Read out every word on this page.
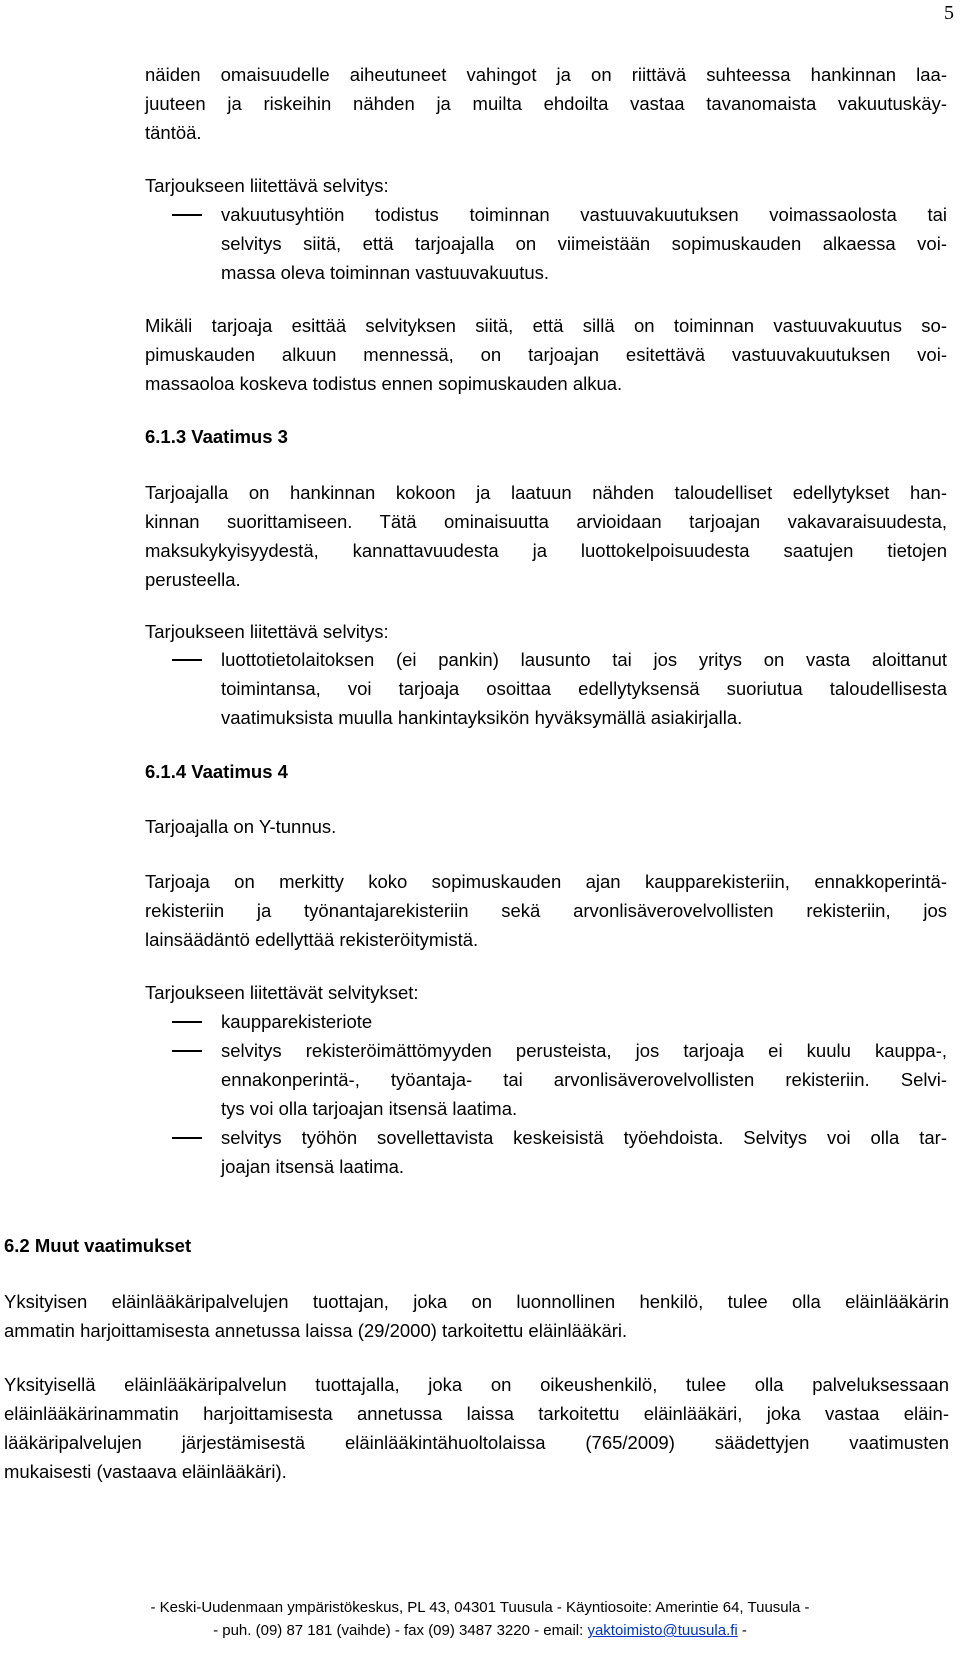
5

näiden omaisuudelle aiheutuneet vahingot ja on riittävä suhteessa hankinnan laa-

juuteen ja riskeihin nähden ja muilta ehdoilta vastaa tavanomaista vakuutuskäy-

täntöä.

Tarjoukseen liitettävä selvitys:

vakuutusyhtiön todistus toiminnan vastuuvakuutuksen voimassaolosta tai
selvitys siitä, että tarjoajalla on viimeistään sopimuskauden alkaessa voi-
massa oleva toiminnan vastuuvakuutus.

Mikäli tarjoaja esittää selvityksen siitä, että sillä on toiminnan vastuuvakuutus so-

pimuskauden alkuun mennessä, on tarjoajan esitettävä vastuuvakuutuksen voi-

massaoloa koskeva todistus ennen sopimuskauden alkua.

6.1.3 Vaatimus 3

Tarjoajalla on hankinnan kokoon ja laatuun nähden taloudelliset edellytykset han-

kinnan suorittamiseen. Tätä ominaisuutta arvioidaan tarjoajan vakavaraisuudesta,

maksukykyisyydestä, kannattavuudesta ja luottokelpoisuudesta saatujen tietojen

perusteella.

Tarjoukseen liitettävä selvitys:

luottotietolaitoksen (ei pankin) lausunto tai jos yritys on vasta aloittanut
toimintansa, voi tarjoaja osoittaa edellytyksensä suoriutua taloudellisesta
vaatimuksista muulla hankintayksikön hyväksymällä asiakirjalla.
6.1.4 Vaatimus 4
Tarjoajalla on Y-tunnus.

Tarjoaja on merkitty koko sopimuskauden ajan kaupparekisteriin, ennakkoperintä-

rekisteriin ja työnantajarekisteriin sekä arvonlisäverovelvollisten rekisteriin, jos

lainsäädäntö edellyttää rekisteröitymistä.

Tarjoukseen liitettävät selvitykset:

kaupparekisteriote
selvitys rekisteröimättömyyden perusteista, jos tarjoaja ei kuulu kauppa-,
ennakonperintä-, työantaja- tai arvonlisäverovelvollisten rekisteriin. Selvi-
tys voi olla tarjoajan itsensä laatima.
selvitys työhön sovellettavista keskeisistä työehdoista. Selvitys voi olla tar-
joajan itsensä laatima.
6.2 Muut vaatimukset

Yksityisen eläinlääkäripalvelujen tuottajan, joka on luonnollinen henkilö, tulee olla eläinlääkärin

ammatin harjoittamisesta annetussa laissa (29/2000) tarkoitettu eläinlääkäri.

Yksityisellä eläinlääkäripalvelun tuottajalla, joka on oikeushenkilö, tulee olla palveluksessaan

eläinlääkärinammatin harjoittamisesta annetussa laissa tarkoitettu eläinlääkäri, joka vastaa eläin-

lääkäripalvelujen järjestämisestä eläinlääkintähuoltolaissa (765/2009) säädettyjen vaatimusten

mukaisesti (vastaava eläinlääkäri).

- Keski-Uudenmaan ympäristökeskus, PL 43, 04301 Tuusula - Käyntiosoite: Amerintie 64, Tuusula -
- puh. (09) 87 181 (vaihde) - fax (09) 3487 3220 - email: yaktoimisto@tuusula.fi -
